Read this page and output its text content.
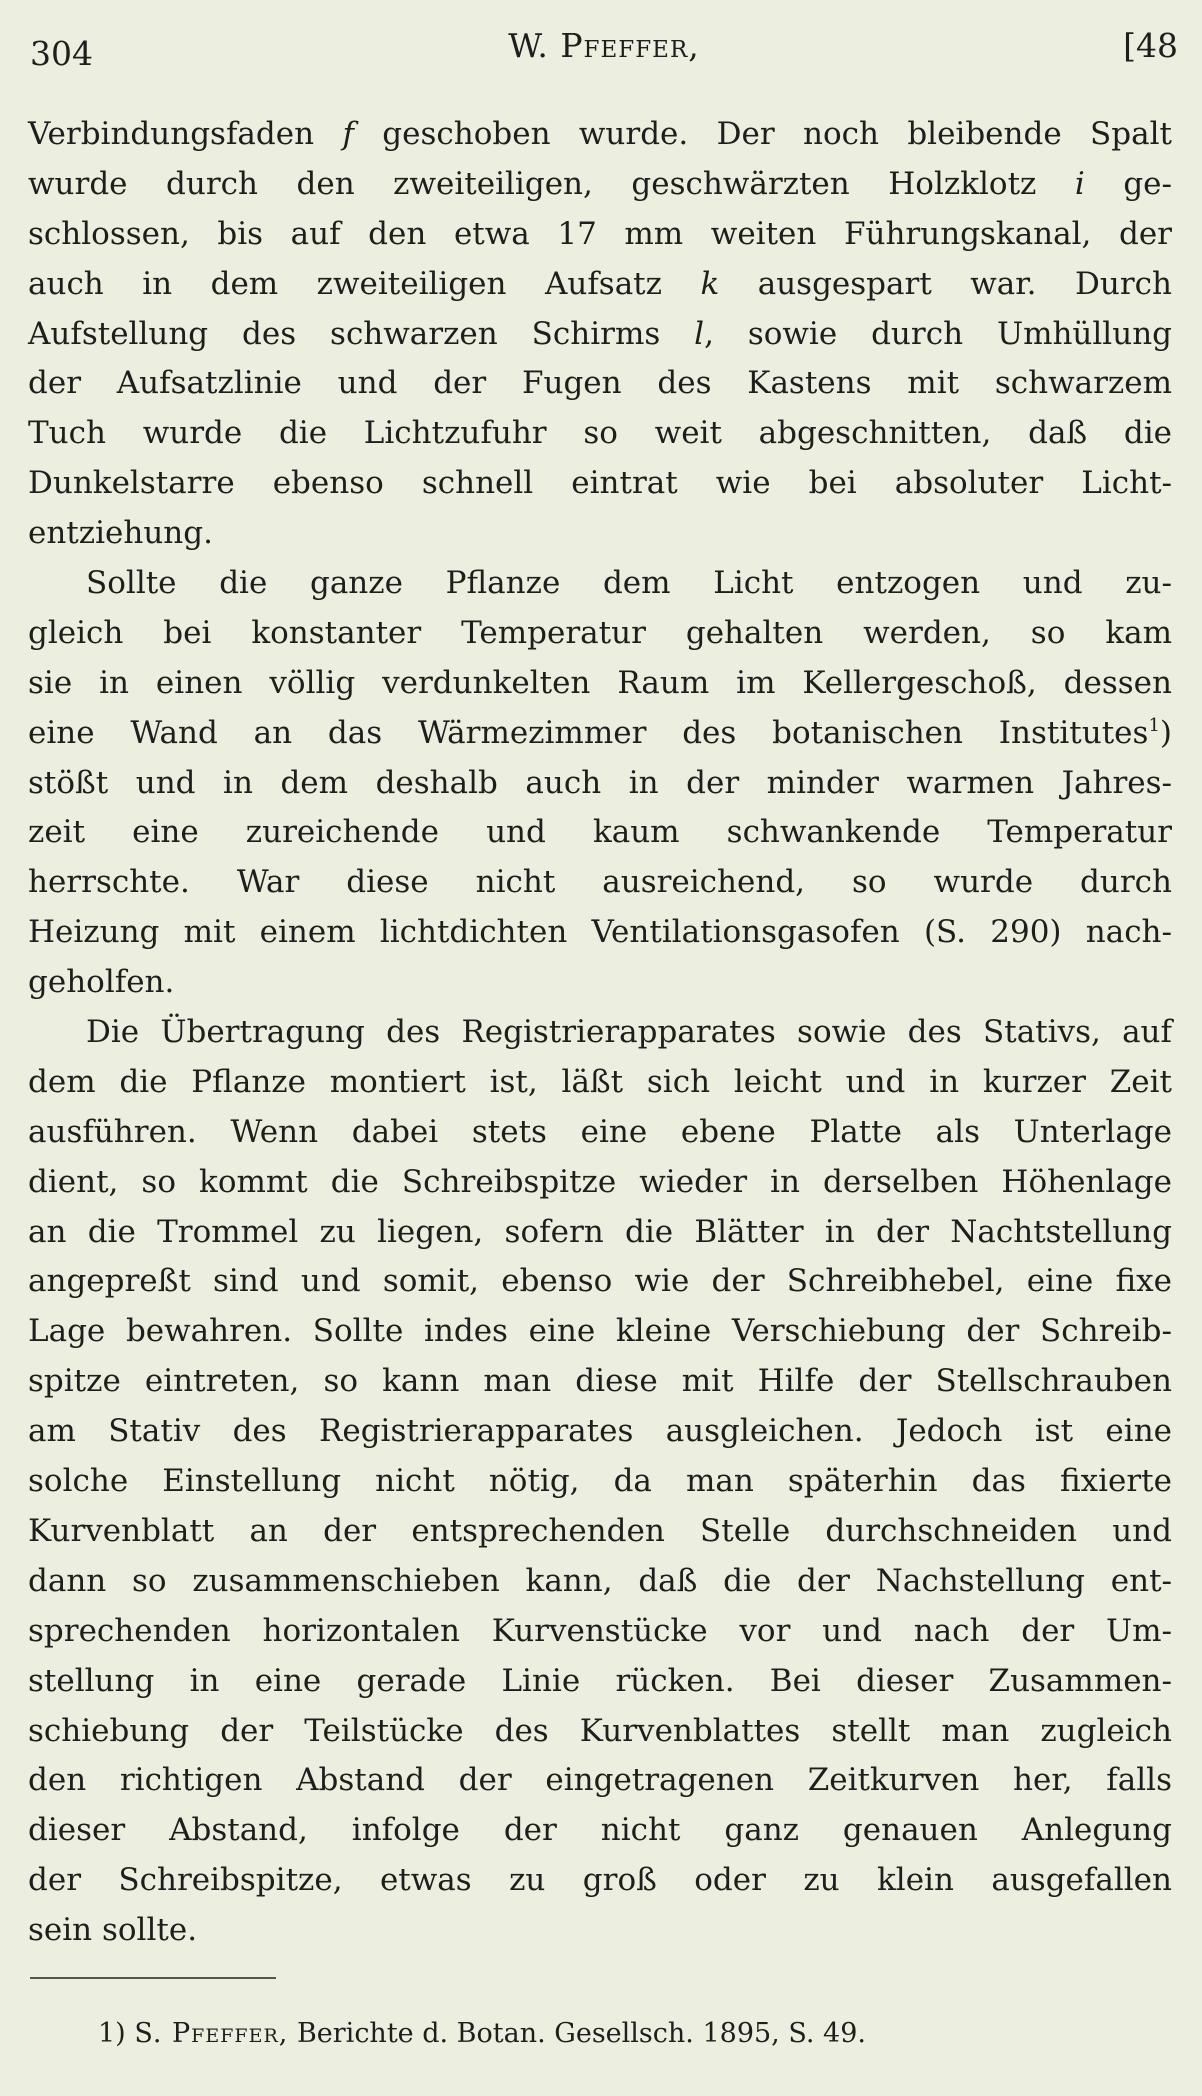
304	W. Pfeffer,	[48
Verbindungsfaden f geschoben wurde. Der noch bleibende Spalt
wurde durch den zweiteiligen, geschwärzten Holzklotz i ge-
schlossen, bis auf den etwa 17 mm weiten Führungskanal, der
auch in dem zweiteiligen Aufsatz k ausgespart war. Durch
Aufstellung des schwarzen Schirms l, sowie durch Umhüllung
der Aufsatzlinie und der Fugen des Kastens mit schwarzem
Tuch wurde die Lichtzufuhr so weit abgeschnitten, daß die
Dunkelstarre ebenso schnell eintrat wie bei absoluter Licht-
entziehung.
Sollte die ganze Pflanze dem Licht entzogen und zu-
gleich bei konstanter Temperatur gehalten werden, so kam
sie in einen völlig verdunkelten Raum im Kellergeschoß, dessen
eine Wand an das Wärmezimmer des botanischen Institutes$^1$)
stößt und in dem deshalb auch in der minder warmen Jahres-
zeit eine zureichende und kaum schwankende Temperatur
herrschte. War diese nicht ausreichend, so wurde durch
Heizung mit einem lichtdichten Ventilationsgasofen (S. 290) nach-
geholfen.
Die Übertragung des Registrierapparates sowie des Stativs, auf
dem die Pflanze montiert ist, läßt sich leicht und in kurzer Zeit
ausführen. Wenn dabei stets eine ebene Platte als Unterlage
dient, so kommt die Schreibspitze wieder in derselben Höhenlage
an die Trommel zu liegen, sofern die Blätter in der Nachtstellung
angepreßt sind und somit, ebenso wie der Schreibhebel, eine fixe
Lage bewahren. Sollte indes eine kleine Verschiebung der Schreib-
spitze eintreten, so kann man diese mit Hilfe der Stellschrauben
am Stativ des Registrierapparates ausgleichen. Jedoch ist eine
solche Einstellung nicht nötig, da man späterhin das fixierte
Kurvenblatt an der entsprechenden Stelle durchschneiden und
dann so zusammenschieben kann, daß die der Nachstellung ent-
sprechenden horizontalen Kurvenstücke vor und nach der Um-
stellung in eine gerade Linie rücken. Bei dieser Zusammen-
schiebung der Teilstücke des Kurvenblattes stellt man zugleich
den richtigen Abstand der eingetragenen Zeitkurven her, falls
dieser Abstand, infolge der nicht ganz genauen Anlegung
der Schreibspitze, etwas zu groß oder zu klein ausgefallen
sein sollte.
1) S. Pfeffer, Berichte d. Botan. Gesellsch. 1895, S. 49.
